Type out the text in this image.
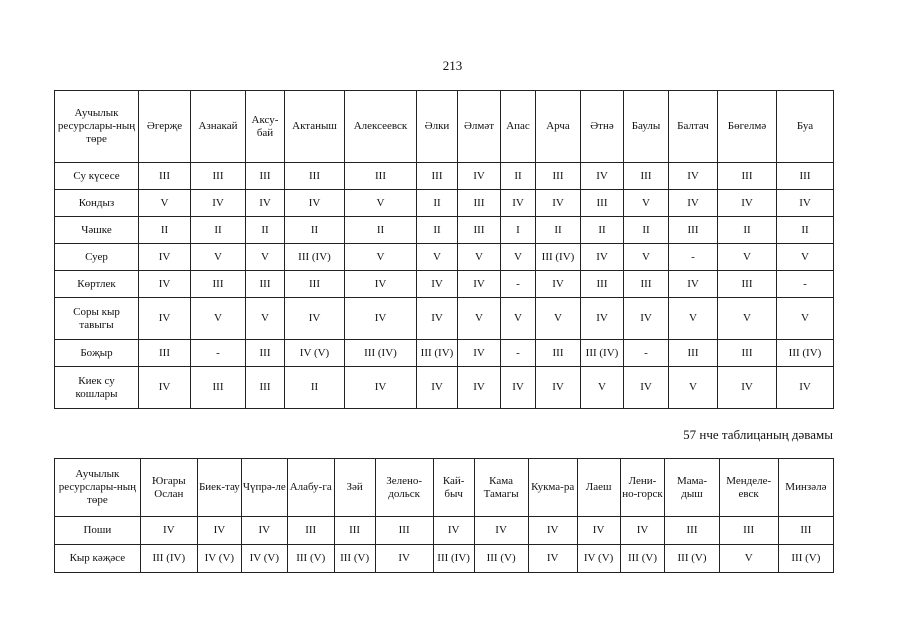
213
Аучылык ресурслары-ның төре	Әгерҗе	Азнакай	Аксу-бай	Актаныш	Алексеевск	Әлки	Әлмәт	Апас	Арча	Әтнә	Баулы	Балтач	Бөгелмә	Буа
Су күсесе	III	III	III	III	III	III	IV	II	III	IV	III	IV	III	III
Кондыз	V	IV	IV	IV	V	II	III	IV	IV	III	V	IV	IV	IV
Чәшке	II	II	II	II	II	II	III	I	II	II	II	III	II	II
Суер	IV	V	V	III (IV)	V	V	V	V	III (IV)	IV	V	-	V	V
Көртлек	IV	III	III	III	IV	IV	IV	-	IV	III	III	IV	III	-
Соры кыр тавыгы	IV	V	V	IV	IV	IV	V	V	V	IV	IV	V	V	V
Боҗыр	III	-	III	IV (V)	III (IV)	III (IV)	IV	-	III	III (IV)	-	III	III	III (IV)
Киек су кошлары	IV	III	III	II	IV	IV	IV	IV	IV	V	IV	V	IV	IV
57 нче таблицаның дәвамы
Аучылык ресурслары-ның төре	Югары Ослан	Биек-тау	Чүпрә-ле	Алабу-га	Зәй	Зелено-дольск	Кай-быч	Кама Тамагы	Кукма-ра	Лаеш	Лени-но-горск	Мама-дыш	Менделе-евск	Минзәлә
Поши	IV	IV	IV	III	III	III	IV	IV	IV	IV	IV	III	III	III
Кыр кәҗәсе	III (IV)	IV (V)	IV (V)	III (V)	III (V)	IV	III (IV)	III (V)	IV	IV (V)	III (V)	III (V)	V	III (V)
